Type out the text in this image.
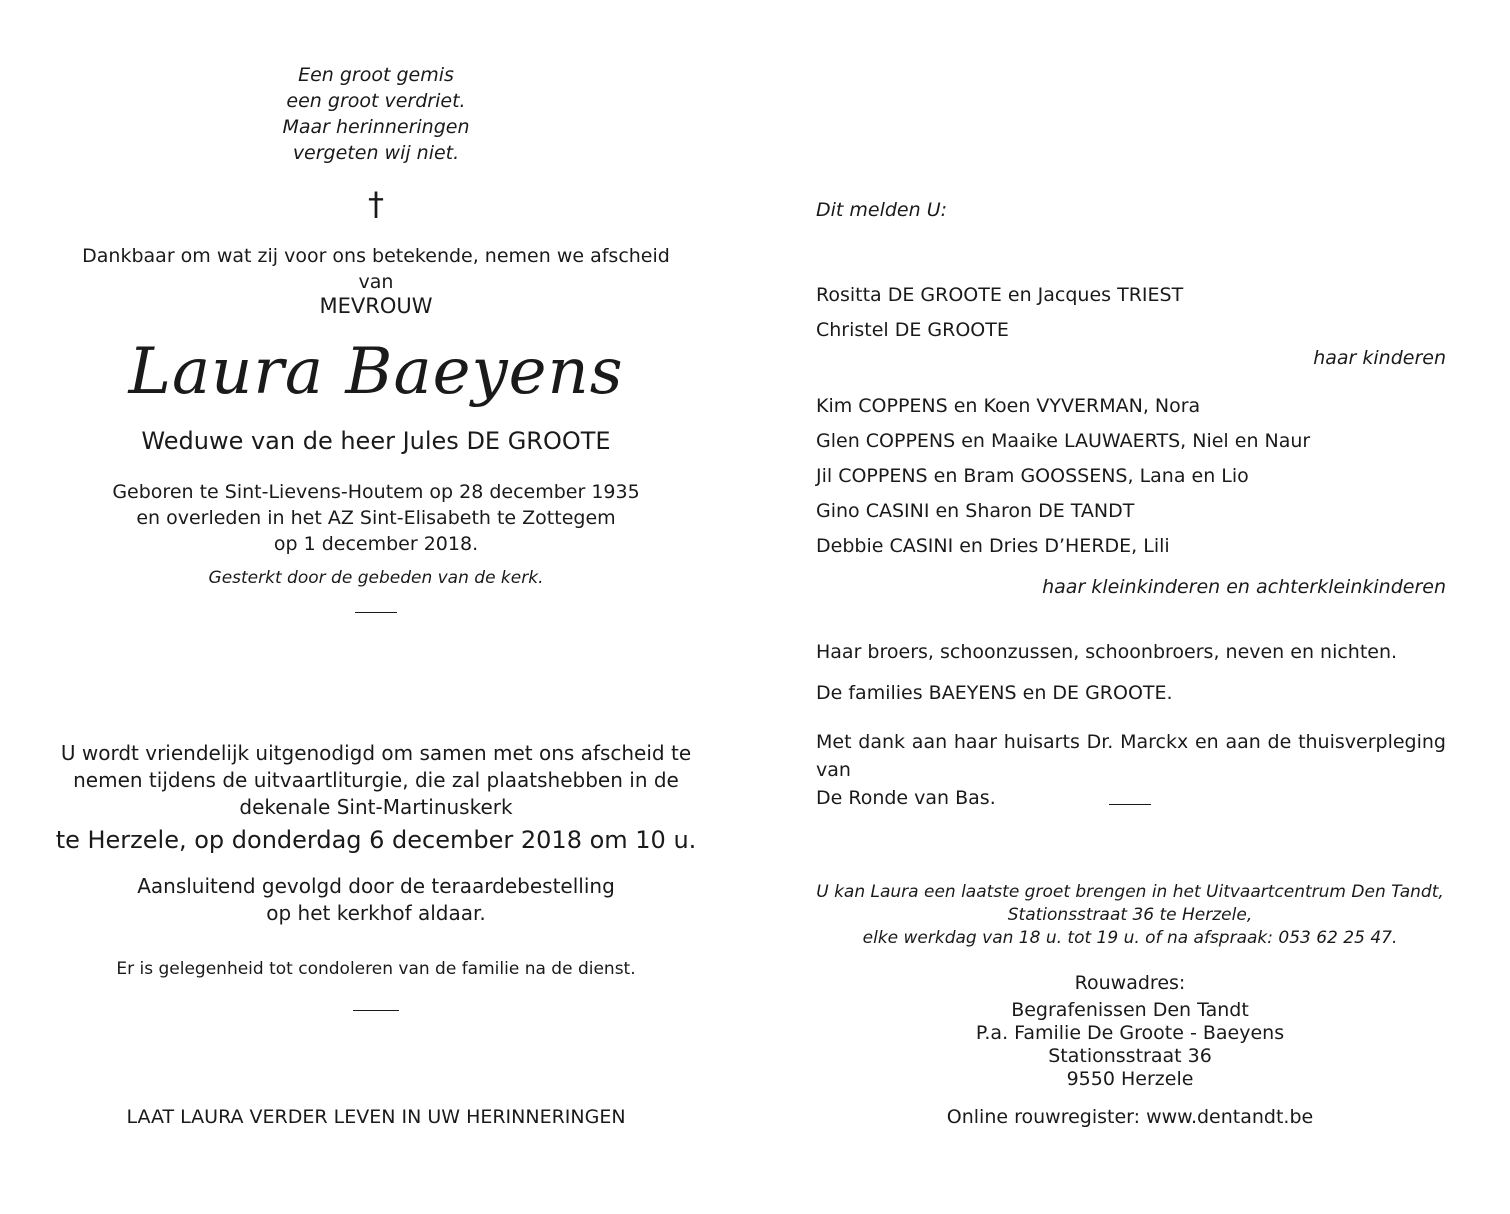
Een groot gemis
een groot verdriet.
Maar herinneringen
vergeten wij niet.
†
Dankbaar om wat zij voor ons betekende, nemen we afscheid van
MEVROUW
Laura Baeyens
Weduwe van de heer Jules DE GROOTE
Geboren te Sint-Lievens-Houtem op 28 december 1935
en overleden in het AZ Sint-Elisabeth te Zottegem
op 1 december 2018.
Gesterkt door de gebeden van de kerk.
U wordt vriendelijk uitgenodigd om samen met ons afscheid te
nemen tijdens de uitvaartliturgie, die zal plaatshebben in de
dekenale Sint-Martinuskerk
te Herzele, op donderdag 6 december 2018 om 10 u.
Aansluitend gevolgd door de teraardebestelling
op het kerkhof aldaar.
Er is gelegenheid tot condoleren van de familie na de dienst.
LAAT LAURA VERDER LEVEN IN UW HERINNERINGEN
Dit melden U:
Rositta DE GROOTE en Jacques TRIEST
Christel DE GROOTE
haar kinderen
Kim COPPENS en Koen VYVERMAN, Nora
Glen COPPENS en Maaike LAUWAERTS, Niel en Naur
Jil COPPENS en Bram GOOSSENS, Lana en Lio
Gino CASINI en Sharon DE TANDT
Debbie CASINI en Dries D’HERDE, Lili
haar kleinkinderen en achterkleinkinderen
Haar broers, schoonzussen, schoonbroers, neven en nichten.
De families BAEYENS en DE GROOTE.
Met dank aan haar huisarts Dr. Marckx en aan de thuisverpleging van
De Ronde van Bas.
U kan Laura een laatste groet brengen in het Uitvaartcentrum Den Tandt,
Stationsstraat 36 te Herzele,
elke werkdag van 18 u. tot 19 u. of na afspraak: 053 62 25 47.
Rouwadres:
Begrafenissen Den Tandt
P.a. Familie De Groote - Baeyens
Stationsstraat 36
9550 Herzele
Online rouwregister: www.dentandt.be
